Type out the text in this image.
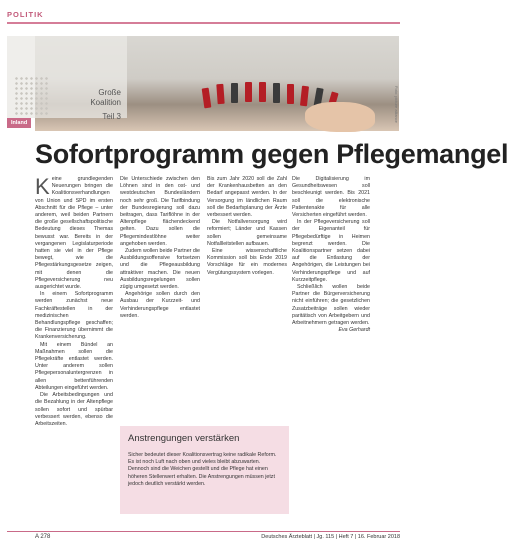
POLITIK
Foto: picture alliance
Große
Koalition
Teil 3
Inland
Sofortprogramm gegen Pflegemangel

Keine grundlegenden Neuerungen bringen die Koalitionsverhandlungen von Union und SPD im ersten Abschnitt für die Pflege – unter anderem, weil beiden Partnern die große gesellschaftspolitische Bedeutung dieses Themas bewusst war. Bereits in der vergangenen Legislaturperiode hatten sie viel in der Pflege bewegt, wie die Pflegestärkungsgesetze zeigen, mit denen die Pflegeversicherung neu ausgerichtet wurde.

In einem Sofortprogramm werden zunächst neue Fachkräftestellen in der medizinischen Behandlungspflege geschaffen; die Finanzierung übernimmt die Krankenversicherung.

Mit einem Bündel an Maßnahmen sollen die Pflegekräfte entlastet werden. Unter anderem sollen Pflegepersonaluntergrenzen in allen bettenführenden Abteilungen eingeführt werden.

Die Arbeitsbedingungen und die Bezahlung in der Altenpflege sollen sofort und spürbar verbessert werden, ebenso die Arbeitszeiten.

Die Unterschiede zwischen den Löhnen sind in den ost- und westdeutschen Bundesländern noch sehr groß. Die Tarifbindung der Bundesregierung soll dazu beitragen, dass Tariflöhne in der Altenpflege flächendeckend gelten. Dazu sollen die Pflegemindestlöhne weiter angehoben werden.

Zudem wollen beide Partner die Ausbildungsoffensive fortsetzen und die Pflegeausbildung attraktiver machen. Die neuen Ausbildungsregelungen sollen zügig umgesetzt werden.

Angehörige sollen durch den Ausbau der Kurzzeit- und Verhinderungspflege entlastet werden.

Bis zum Jahr 2020 soll die Zahl der Krankenhausbetten an den Bedarf angepasst werden. In der Versorgung im ländlichen Raum soll die Bedarfsplanung der Ärzte verbessert werden.

Die Notfallversorgung wird reformiert; Länder und Kassen sollen gemeinsame Notfallleitstellen aufbauen.

Eine wissenschaftliche Kommission soll bis Ende 2019 Vorschläge für ein modernes Vergütungssystem vorlegen.

Die Digitalisierung im Gesundheitswesen soll beschleunigt werden. Bis 2021 soll die elektronische Patientenakte für alle Versicherten eingeführt werden.

In der Pflegeversicherung soll der Eigenanteil für Pflegebedürftige in Heimen begrenzt werden. Die Koalitionspartner setzen dabei auf die Entlastung der Angehörigen, die Leistungen bei Verhinderungspflege und auf Kurzzeitpflege.

Schließlich wollen beide Partner die Bürgerversicherung nicht einführen; die gesetzlichen Zusatzbeiträge sollen wieder paritätisch von Arbeitgebern und Arbeitnehmern getragen werden.

Eva Gerhardt

Anstrengungen verstärken
Sicher bedeutet dieser Koalitionsvertrag keine radikale Reform. Es ist noch Luft nach oben und vieles bleibt abzuwarten. Dennoch sind die Weichen gestellt und die Pflege hat einen höheren Stellenwert erhalten. Die Anstrengungen müssen jetzt jedoch deutlich verstärkt werden.
A 278	Deutsches Ärzteblatt | Jg. 115 | Heft 7 | 16. Februar 2018
